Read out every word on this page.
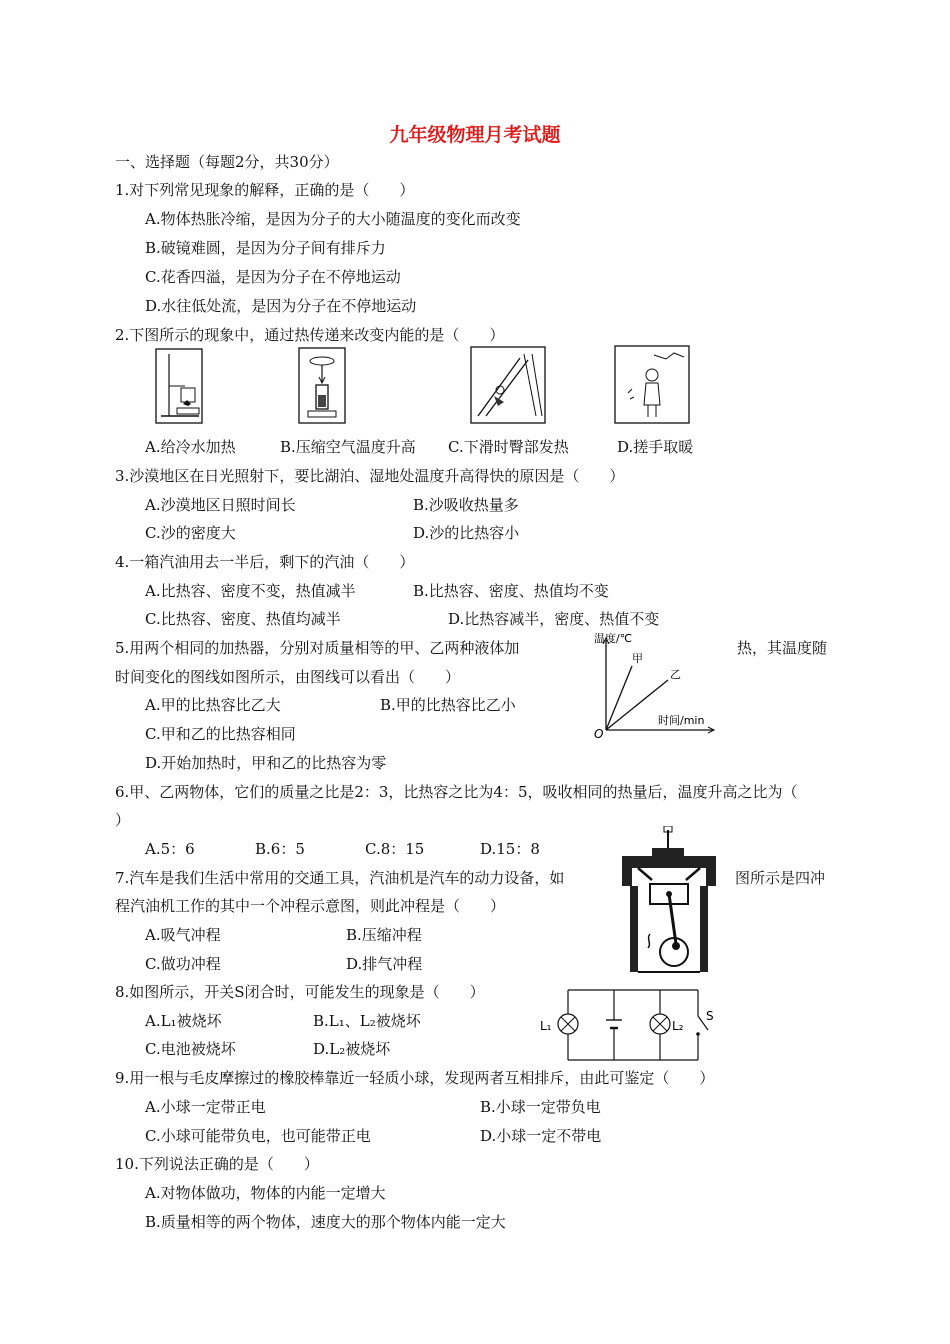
九年级物理月考试题
一、选择题（每题2分，共30分）
1.对下列常见现象的解释，正确的是（　　）
A.物体热胀冷缩，是因为分子的大小随温度的变化而改变
B.破镜难圆，是因为分子间有排斥力
C.花香四溢，是因为分子在不停地运动
D.水往低处流，是因为分子在不停地运动
2.下图所示的现象中，通过热传递来改变内能的是（　　）
A.给冷水加热	B.压缩空气温度升高 C.下滑时臀部发热	D.搓手取暖
3.沙漠地区在日光照射下，要比湖泊、湿地处温度升高得快的原因是（　　）
A.沙漠地区日照时间长	B.沙吸收热量多
C.沙的密度大	D.沙的比热容小
4.一箱汽油用去一半后，剩下的汽油（　　）
A.比热容、密度不变，热值减半	B.比热容、密度、热值均不变
C.比热容、密度、热值均减半	D.比热容减半，密度、热值不变
5.用两个相同的加热器，分别对质量相等的甲、乙两种液体加	热，其温度随
时间变化的图线如图所示，由图线可以看出（　　）
A.甲的比热容比乙大	B.甲的比热容比乙小
C.甲和乙的比热容相同
D.开始加热时，甲和乙的比热容为零
温度/℃
时间/min
O
甲
乙
6.甲、乙两物体，它们的质量之比是2：3，比热容之比为4：5，吸收相同的热量后，温度升高之比为（
）
A.5：6	B.6：5	C.8：15	D.15：8
7.汽车是我们生活中常用的交通工具，汽油机是汽车的动力设备，如	图所示是四冲
程汽油机工作的其中一个冲程示意图，则此冲程是（　　）
A.吸气冲程	B.压缩冲程
C.做功冲程	D.排气冲程
8.如图所示，开关S闭合时，可能发生的现象是（　　）
A.L₁被烧坏	B.L₁、L₂被烧坏
C.电池被烧坏	D.L₂被烧坏
L₁	L₂
S
9.用一根与毛皮摩擦过的橡胶棒靠近一轻质小球，发现两者互相排斥，由此可鉴定（　　）
A.小球一定带正电	B.小球一定带负电
C.小球可能带负电，也可能带正电	D.小球一定不带电
10.下列说法正确的是（　　）
A.对物体做功，物体的内能一定增大
B.质量相等的两个物体，速度大的那个物体内能一定大
